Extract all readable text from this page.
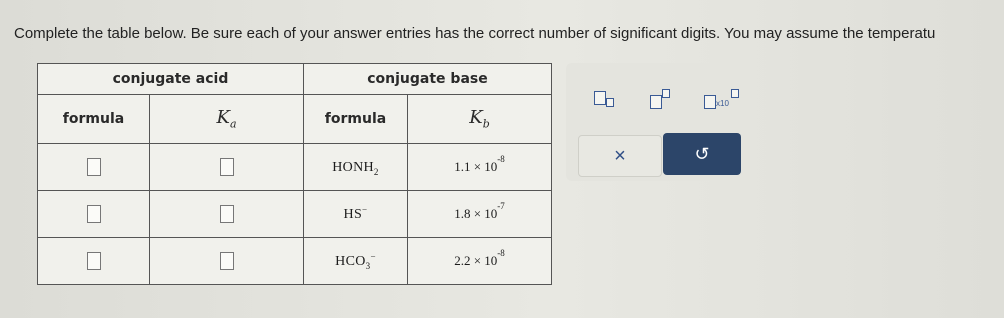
Complete the table below. Be sure each of your answer entries has the correct number of significant digits. You may assume the temperatu
conjugate acid		conjugate base	
formula	$K_a$	formula	$K_b$
		$HONH_2$	$1.1 \times 10^{-8}$
		HS−	$1.8 \times 10^{-7}$
		$HCO_3^-$	$2.2 \times 10^{-8}$
x10
×	↺
